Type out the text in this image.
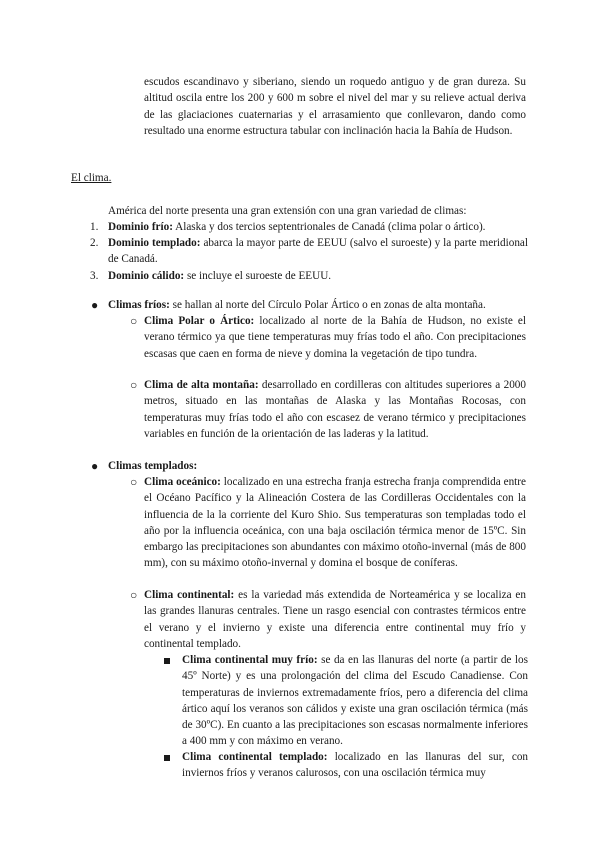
escudos escandinavo y siberiano, siendo un roquedo antiguo y de gran dureza. Su altitud oscila entre los 200 y 600 m sobre el nivel del mar y su relieve actual deriva de las glaciaciones cuaternarias y el arrasamiento que conllevaron, dando como resultado una enorme estructura tabular con inclinación hacia la Bahía de Hudson.

El clima.

América del norte presenta una gran extensión con una gran variedad de climas:

1. Dominio frío: Alaska y dos tercios septentrionales de Canadá (clima polar o ártico).

2. Dominio templado: abarca la mayor parte de EEUU (salvo el suroeste) y la parte meridional de Canadá.

3. Dominio cálido: se incluye el suroeste de EEUU.

● Climas fríos: se hallan al norte del Círculo Polar Ártico o en zonas de alta montaña.

○ Clima Polar o Ártico: localizado al norte de la Bahía de Hudson, no existe el verano térmico ya que tiene temperaturas muy frías todo el año. Con precipitaciones escasas que caen en forma de nieve y domina la vegetación de tipo tundra.

○ Clima de alta montaña: desarrollado en cordilleras con altitudes superiores a 2000 metros, situado en las montañas de Alaska y las Montañas Rocosas, con temperaturas muy frías todo el año con escasez de verano térmico y precipitaciones variables en función de la orientación de las laderas y la latitud.

● Climas templados:

○ Clima oceánico: localizado en una estrecha franja estrecha franja comprendida entre el Océano Pacífico y la Alineación Costera de las Cordilleras Occidentales con la influencia de la la corriente del Kuro Shio. Sus temperaturas son templadas todo el año por la influencia oceánica, con una baja oscilación térmica menor de 15ºC. Sin embargo las precipitaciones son abundantes con máximo otoño-invernal (más de 800 mm), con su máximo otoño-invernal y domina el bosque de coníferas.

○ Clima continental: es la variedad más extendida de Norteamérica y se localiza en las grandes llanuras centrales. Tiene un rasgo esencial con contrastes térmicos entre el verano y el invierno y existe una diferencia entre continental muy frío y continental templado.

Clima continental muy frío: se da en las llanuras del norte (a partir de los 45º Norte) y es una prolongación del clima del Escudo Canadiense. Con temperaturas de inviernos extremadamente fríos, pero a diferencia del clima ártico aquí los veranos son cálidos y existe una gran oscilación térmica (más de 30ºC). En cuanto a las precipitaciones son escasas normalmente inferiores a 400 mm y con máximo en verano.

Clima continental templado: localizado en las llanuras del sur, con inviernos fríos y veranos calurosos, con una oscilación térmica muy
